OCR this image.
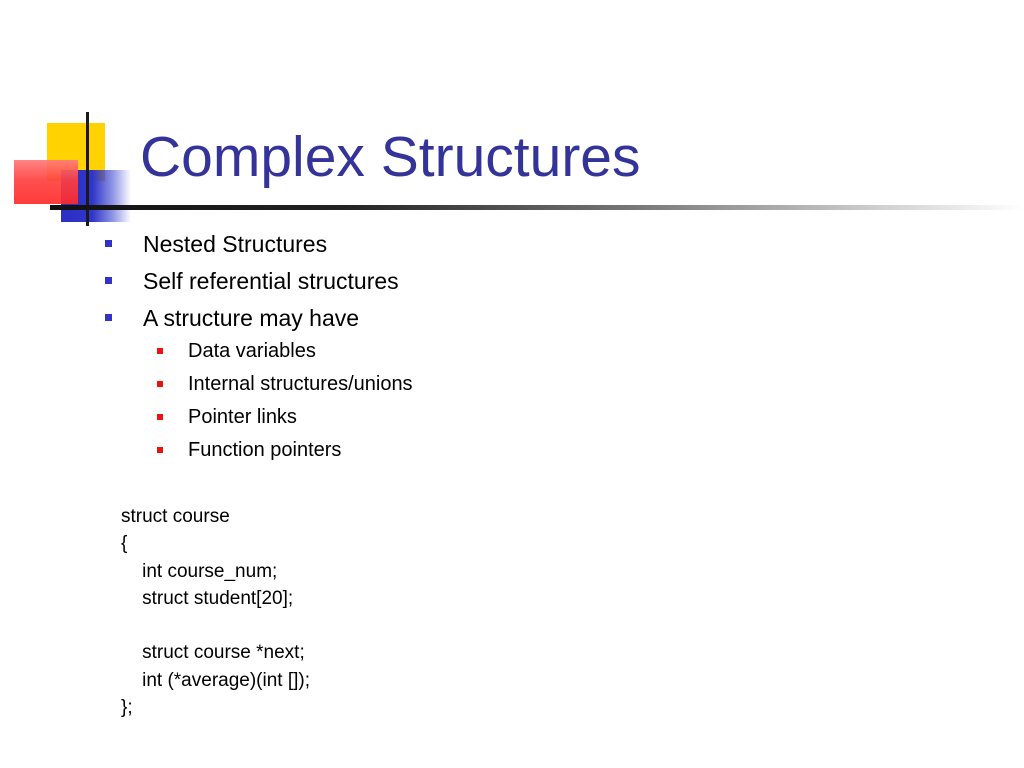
Complex Structures
Nested Structures
Self referential structures
A structure may have
Data variables
Internal structures/unions
Pointer links
Function pointers
struct course
{
int course_num;
struct student[20];
struct course *next;
int (*average)(int []);
};
